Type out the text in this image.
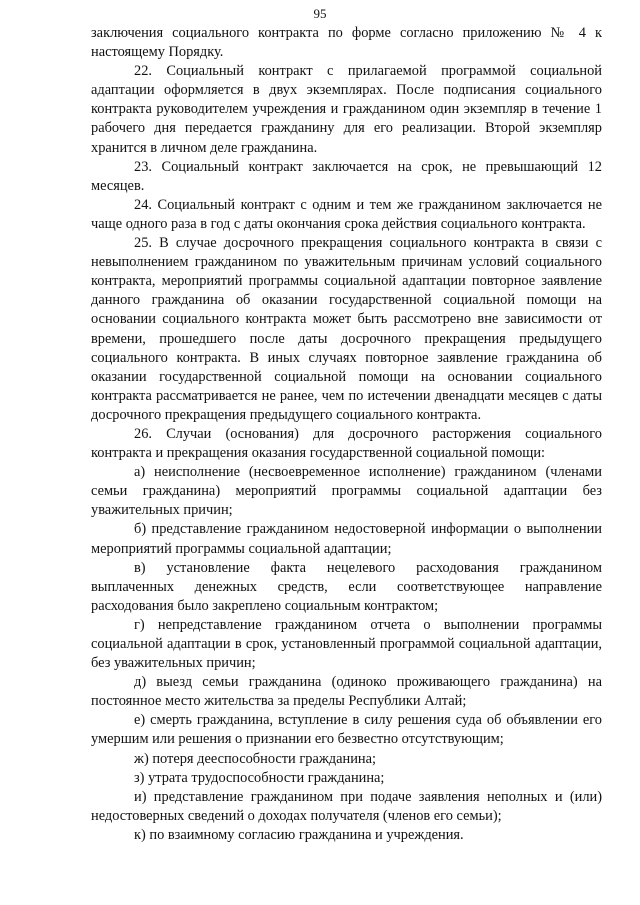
95

заключения социального контракта по форме согласно приложению № 4 к настоящему Порядку.

22. Социальный контракт с прилагаемой программой социальной адаптации оформляется в двух экземплярах. После подписания социального контракта руководителем учреждения и гражданином один экземпляр в течение 1 рабочего дня передается гражданину для его реализации. Второй экземпляр хранится в личном деле гражданина.

23. Социальный контракт заключается на срок, не превышающий 12 месяцев.

24. Социальный контракт с одним и тем же гражданином заключается не чаще одного раза в год с даты окончания срока действия социального контракта.

25. В случае досрочного прекращения социального контракта в связи с невыполнением гражданином по уважительным причинам условий социального контракта, мероприятий программы социальной адаптации повторное заявление данного гражданина об оказании государственной социальной помощи на основании социального контракта может быть рассмотрено вне зависимости от времени, прошедшего после даты досрочного прекращения предыдущего социального контракта. В иных случаях повторное заявление гражданина об оказании государственной социальной помощи на основании социального контракта рассматривается не ранее, чем по истечении двенадцати месяцев с даты досрочного прекращения предыдущего социального контракта.

26. Случаи (основания) для досрочного расторжения социального контракта и прекращения оказания государственной социальной помощи:

а) неисполнение (несвоевременное исполнение) гражданином (членами семьи гражданина) мероприятий программы социальной адаптации без уважительных причин;

б) представление гражданином недостоверной информации о выполнении мероприятий программы социальной адаптации;

в) установление факта нецелевого расходования гражданином выплаченных денежных средств, если соответствующее направление расходования было закреплено социальным контрактом;

г) непредставление гражданином отчета о выполнении программы социальной адаптации в срок, установленный программой социальной адаптации, без уважительных причин;

д) выезд семьи гражданина (одиноко проживающего гражданина) на постоянное место жительства за пределы Республики Алтай;

е) смерть гражданина, вступление в силу решения суда об объявлении его умершим или решения о признании его безвестно отсутствующим;

ж) потеря дееспособности гражданина;

з) утрата трудоспособности гражданина;

и) представление гражданином при подаче заявления неполных и (или) недостоверных сведений о доходах получателя (членов его семьи);

к) по взаимному согласию гражданина и учреждения.
